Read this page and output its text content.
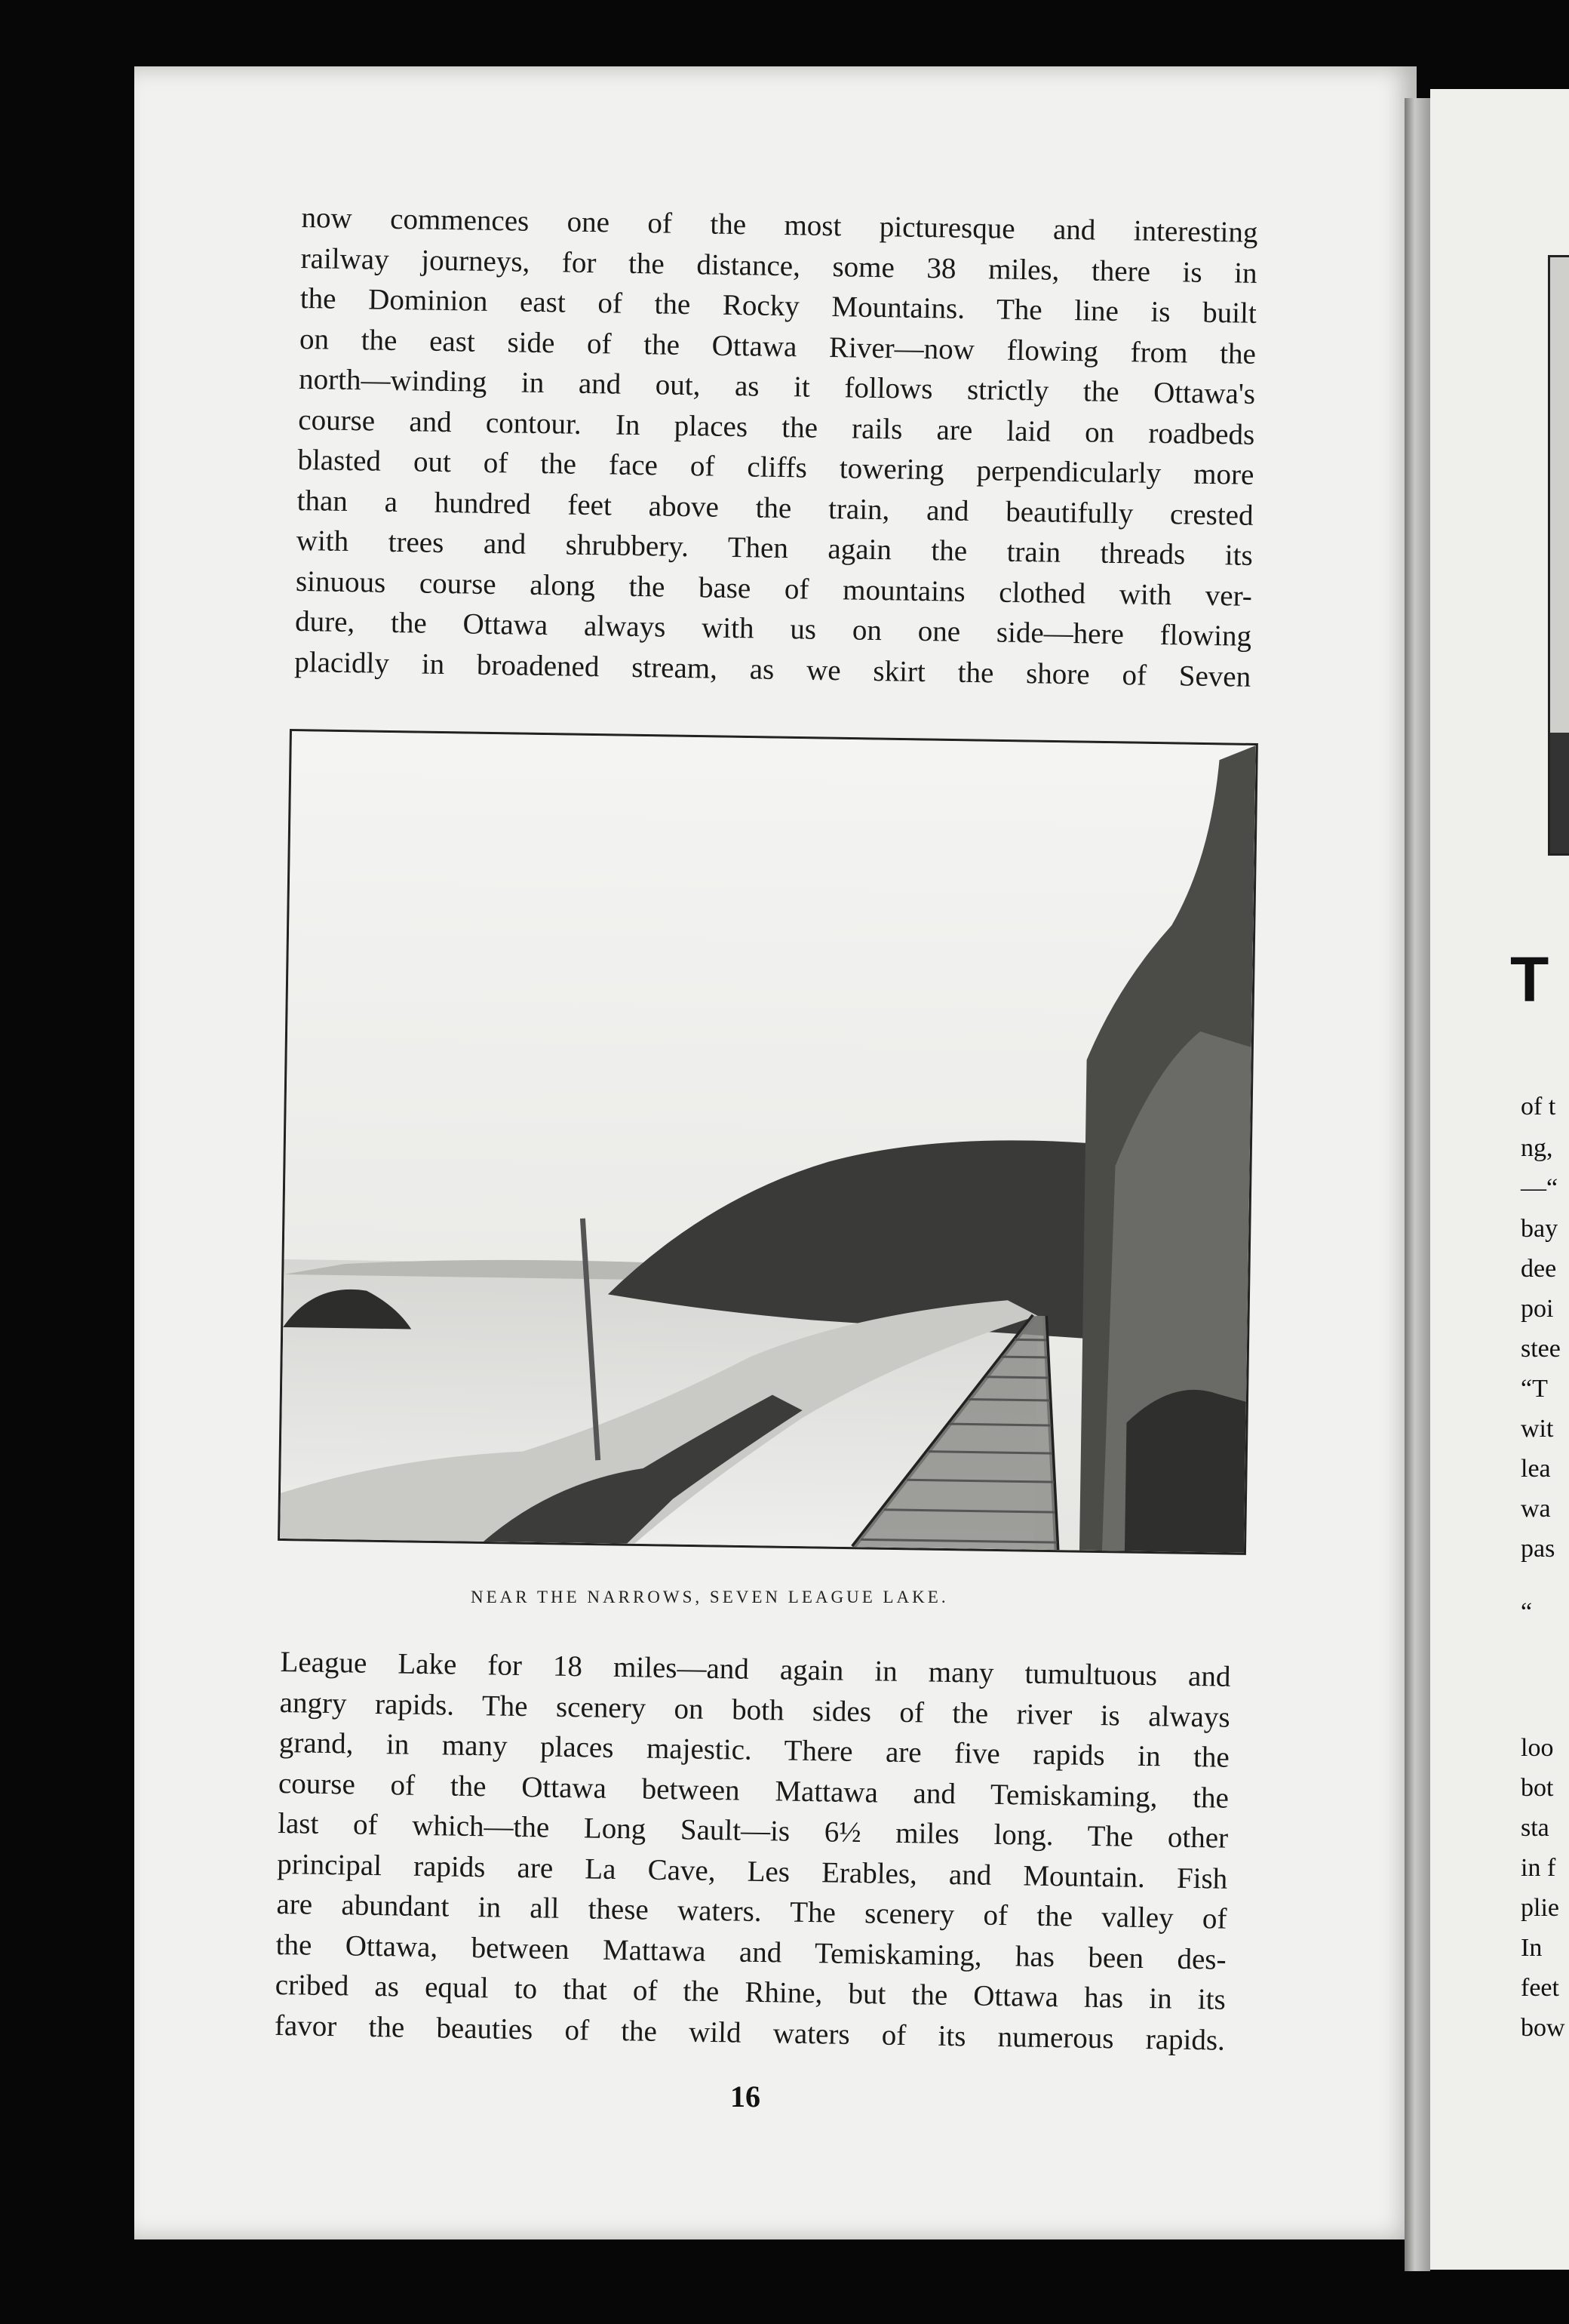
T
of t
ng,
—“
bay
dee
poi
stee
“T
wit
lea
wa
pas
“
loo
bot
sta
in f
plie
In
feet
bow
now commences one of the most picturesque and interesting
railway journeys, for the distance, some 38 miles, there is in
the Dominion east of the Rocky Mountains. The line is built
on the east side of the Ottawa River—now flowing from the
north—winding in and out, as it follows strictly the Ottawa's
course and contour. In places the rails are laid on roadbeds
blasted out of the face of cliffs towering perpendicularly more
than a hundred feet above the train, and beautifully crested
with trees and shrubbery. Then again the train threads its
sinuous course along the base of mountains clothed with ver-
dure, the Ottawa always with us on one side—here flowing
placidly in broadened stream, as we skirt the shore of Seven
NEAR THE NARROWS, SEVEN LEAGUE LAKE.
League Lake for 18 miles—and again in many tumultuous and
angry rapids. The scenery on both sides of the river is always
grand, in many places majestic. There are five rapids in the
course of the Ottawa between Mattawa and Temiskaming, the
last of which—the Long Sault—is 6½ miles long. The other
principal rapids are La Cave, Les Erables, and Mountain. Fish
are abundant in all these waters. The scenery of the valley of
the Ottawa, between Mattawa and Temiskaming, has been des-
cribed as equal to that of the Rhine, but the Ottawa has in its
favor the beauties of the wild waters of its numerous rapids.
16
